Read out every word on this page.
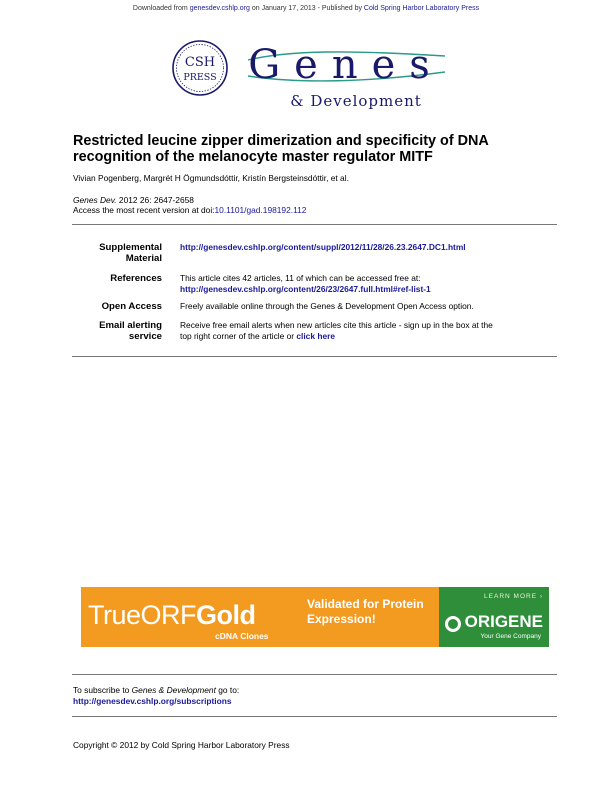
Downloaded from genesdev.cshlp.org on January 17, 2013 - Published by Cold Spring Harbor Laboratory Press
CSH
PRESS Genes
& Development
Restricted leucine zipper dimerization and specificity of DNA
recognition of the melanocyte master regulator MITF
Vivian Pogenberg, Margrét H Ögmundsdóttir, Kristín Bergsteinsdóttir, et al.
Genes Dev. 2012 26: 2647-2658
Access the most recent version at doi:10.1101/gad.198192.112
Supplemental
Material
http://genesdev.cshlp.org/content/suppl/2012/11/28/26.23.2647.DC1.html
References This article cites 42 articles, 11 of which can be accessed free at:
http://genesdev.cshlp.org/content/26/23/2647.full.html#ref-list-1
Open Access Freely available online through the Genes & Development Open Access option.
Email alerting
service
Receive free email alerts when new articles cite this article - sign up in the box at the
top right corner of the article or click here
TrueORFGold
cDNA Clones
Validated for Protein
Expression!
LEARN MORE ›
ORIGENE
Your Gene Company
To subscribe to Genes & Development go to:
http://genesdev.cshlp.org/subscriptions
Copyright © 2012 by Cold Spring Harbor Laboratory Press
